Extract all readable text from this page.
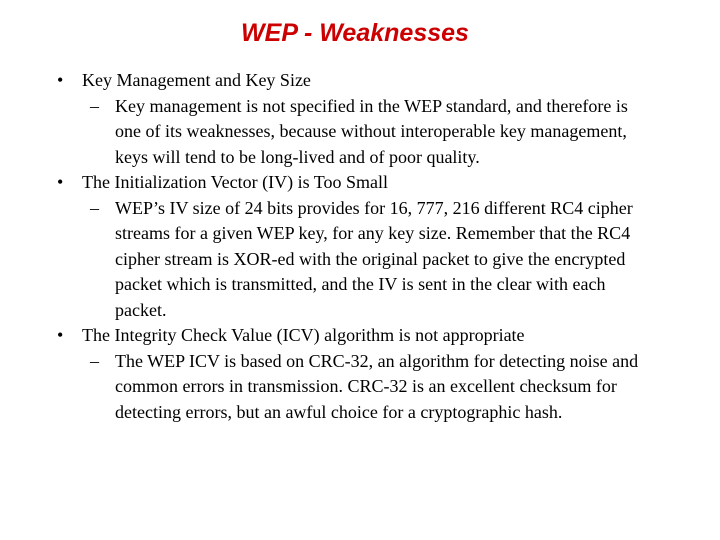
WEP - Weaknesses
• Key Management and Key Size
– Key management is not specified in the WEP standard, and therefore is one of its weaknesses, because without interoperable key management, keys will tend to be long-lived and of poor quality.
• The Initialization Vector (IV) is Too Small
– WEP’s IV size of 24 bits provides for 16, 777, 216 different RC4 cipher streams for a given WEP key, for any key size. Remember that the RC4 cipher stream is XOR-ed with the original packet to give the encrypted packet which is transmitted, and the IV is sent in the clear with each packet.
• The Integrity Check Value (ICV) algorithm is not appropriate
– The WEP ICV is based on CRC-32, an algorithm for detecting noise and common errors in transmission. CRC-32 is an excellent checksum for detecting errors, but an awful choice for a cryptographic hash.
